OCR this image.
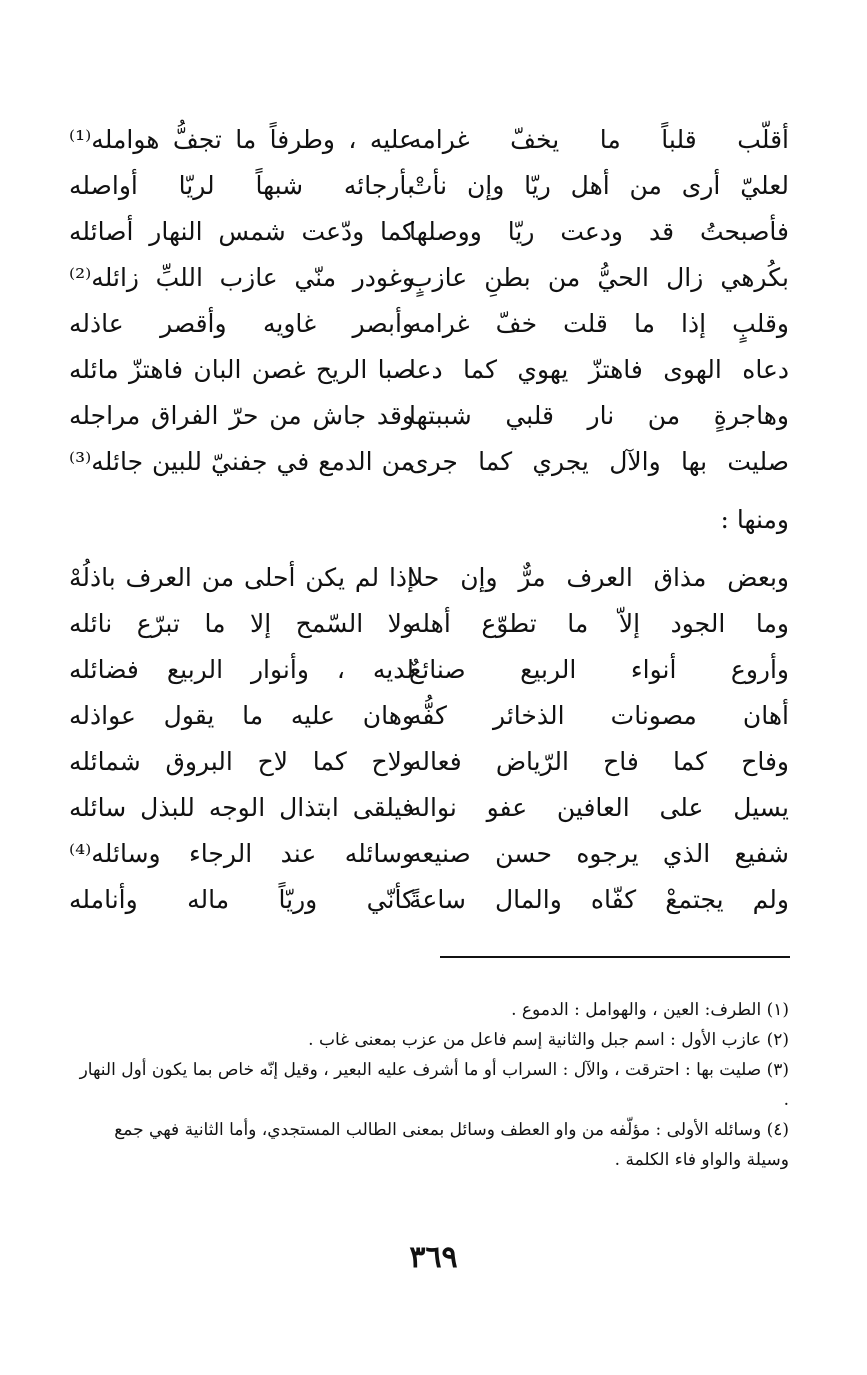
أقلّب قلباً ما يخفّ غرامه
لعليّ أرى من أهل ريّا وإن نأتْ
فأصبحتُ قد ودعت ريّا ووصلها
بكُرهي زال الحيُّ من بطنِ عازبٍ
وقلبٍ إذا ما قلت خفّ غرامه
دعاه الهوى فاهتزّ يهوي كما دعا
وهاجرةٍ من نار قلبي شببتها
صليت بها والآل يجري كما جرى
عليه ، وطرفاً ما تجفُّ هوامله⁽¹⁾
بأرجائه شبهاً لريّا أواصله
كما ودّعت شمس النهار أصائله
وغودر منّي عازب اللبِّ زائله⁽²⁾
وأبصر غاويه وأقصر عاذله
صبا الريح غصن البان فاهتزّ مائله
وقد جاش من حرّ الفراق مراجله
من الدمع في جفنيّ للبين جائله⁽³⁾
ومنها :
وبعض مذاق العرف مرٌّ وإن حلا
وما الجود إلاّ ما تطوّع أهله
وأروع أنواء الربيع صنائعٌ
أهان مصونات الذخائر كفُّه
وفاح كما فاح الرّياض فعاله
يسيل على العافين عفو نواله
شفيع الذي يرجوه حسن صنيعه
ولم يجتمعْ كفّاه والمال ساعةً
إذا لم يكن أحلى من العرف باذلُهْ
ولا السّمح إلا ما تبرّع نائله
لديه ، وأنوار الربيع فضائله
وهان عليه ما يقول عواذله
ولاح كما لاح البروق شمائله
فيلقى ابتذال الوجه للبذل سائله
وسائله عند الرجاء وسائله⁽⁴⁾
كأنّي وريّاً ماله وأنامله
(١) الطرف: العين ، والهوامل : الدموع .
(٢) عازب الأول : اسم جبل والثانية إسم فاعل من عزب بمعنى غاب .
(٣) صليت بها : احترقت ، والآل : السراب أو ما أشرف عليه البعير ، وقيل إنّه خاص بما يكون أول النهار .
(٤) وسائله الأولى : مؤلّفه من واو العطف وسائل بمعنى الطالب المستجدي، وأما الثانية فهي جمع وسيلة والواو فاء الكلمة .
٣٦٩
